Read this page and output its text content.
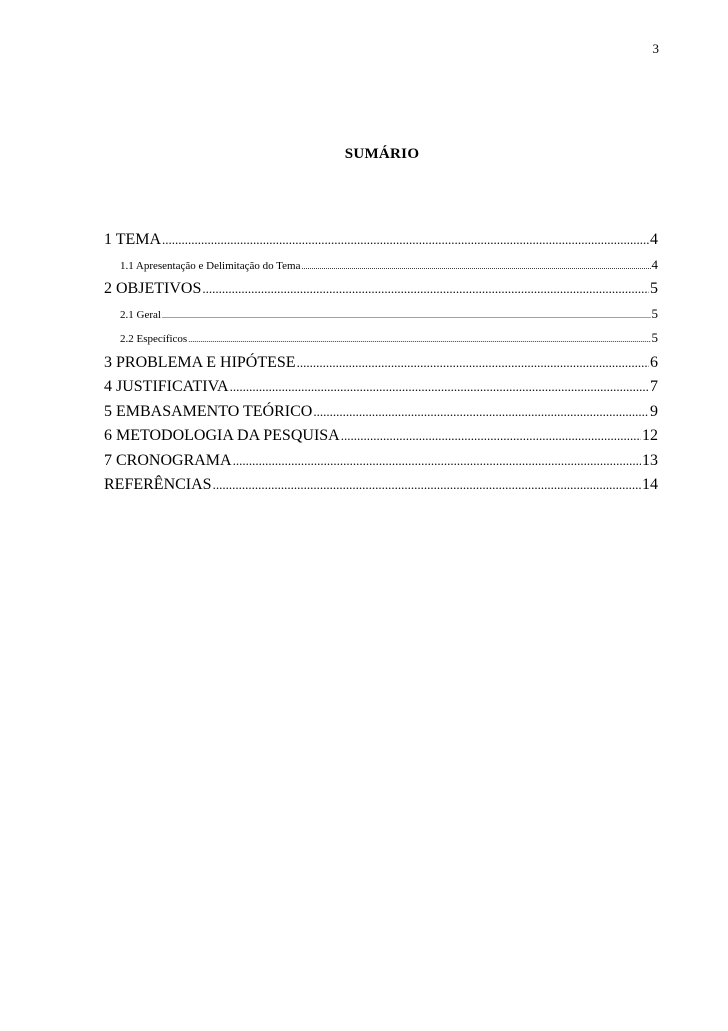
3
SUMÁRIO
1 TEMA .....	4
1.1 Apresentação e Delimitação do Tema .....	4
2 OBJETIVOS .....	5
2.1 Geral .....	5
2.2 Específicos .....	5
3 PROBLEMA E HIPÓTESE .....	6
4 JUSTIFICATIVA .....	7
5 EMBASAMENTO TEÓRICO .....	9
6 METODOLOGIA DA PESQUISA .....	12
7 CRONOGRAMA .....	13
REFERÊNCIAS .....	14
